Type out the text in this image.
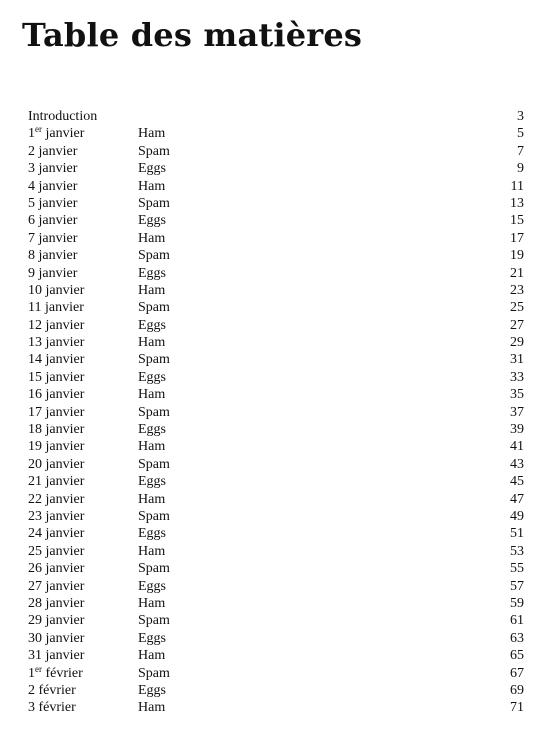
Table des matières
Introduction	3
1er janvier	Ham	5
2 janvier	Spam	7
3 janvier	Eggs	9
4 janvier	Ham	11
5 janvier	Spam	13
6 janvier	Eggs	15
7 janvier	Ham	17
8 janvier	Spam	19
9 janvier	Eggs	21
10 janvier	Ham	23
11 janvier	Spam	25
12 janvier	Eggs	27
13 janvier	Ham	29
14 janvier	Spam	31
15 janvier	Eggs	33
16 janvier	Ham	35
17 janvier	Spam	37
18 janvier	Eggs	39
19 janvier	Ham	41
20 janvier	Spam	43
21 janvier	Eggs	45
22 janvier	Ham	47
23 janvier	Spam	49
24 janvier	Eggs	51
25 janvier	Ham	53
26 janvier	Spam	55
27 janvier	Eggs	57
28 janvier	Ham	59
29 janvier	Spam	61
30 janvier	Eggs	63
31 janvier	Ham	65
1er février	Spam	67
2 février	Eggs	69
3 février	Ham	71
